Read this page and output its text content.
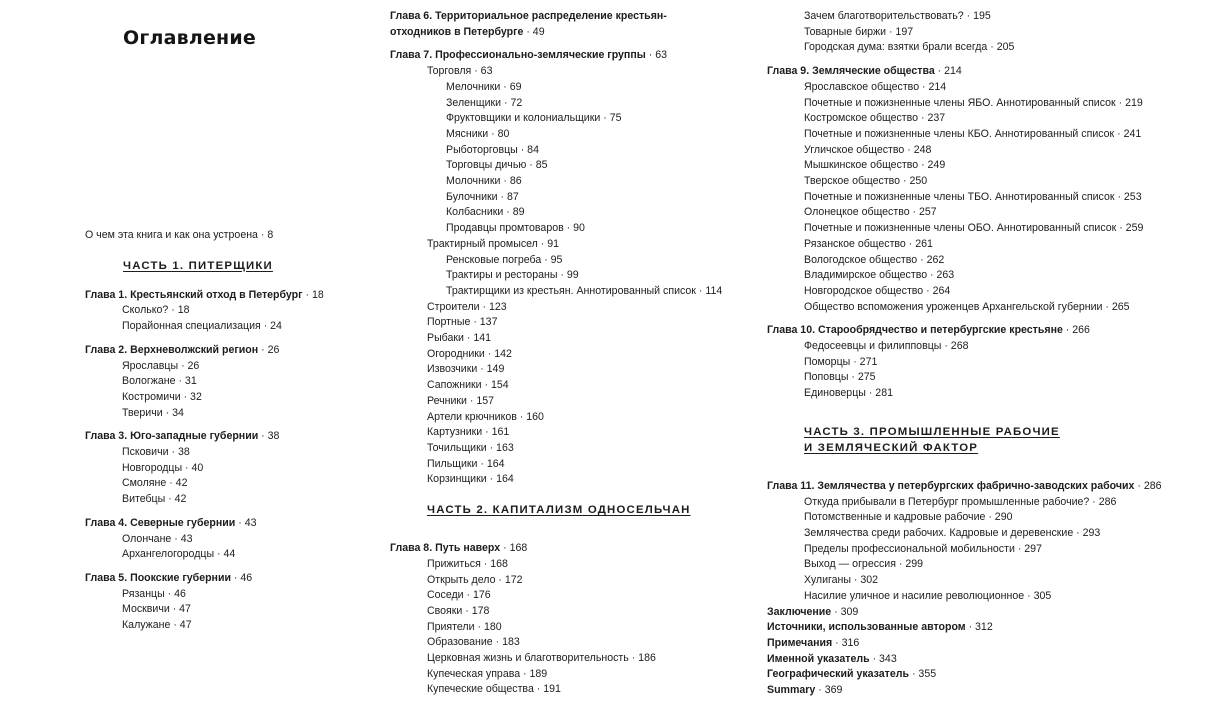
Оглавление
О чем эта книга и как она устроена · 8
ЧАСТЬ 1. ПИТЕРЩИКИ
Глава 1. Крестьянский отход в Петербург · 18
Сколько? · 18
Порайонная специализация · 24
Глава 2. Верхневолжский регион · 26
Ярославцы · 26
Вологжане · 31
Костромичи · 32
Тверичи · 34
Глава 3. Юго-западные губернии · 38
Псковичи · 38
Новгородцы · 40
Смоляне · 42
Витебцы · 42
Глава 4. Северные губернии · 43
Олончане · 43
Архангелогородцы · 44
Глава 5. Поокские губернии · 46
Рязанцы · 46
Москвичи · 47
Калужане · 47
Глава 6. Территориальное распределение крестьян-
отходников в Петербурге · 49
Глава 7. Профессионально-земляческие группы · 63
Торговля · 63
Мелочники · 69
Зеленщики · 72
Фруктовщики и колониальщики · 75
Мясники · 80
Рыботорговцы · 84
Торговцы дичью · 85
Молочники · 86
Булочники · 87
Колбасники · 89
Продавцы промтоваров · 90
Трактирный промысел · 91
Ренсковые погреба · 95
Трактиры и рестораны · 99
Трактирщики из крестьян. Аннотированный список · 114
Строители · 123
Портные · 137
Рыбаки · 141
Огородники · 142
Извозчики · 149
Сапожники · 154
Речники · 157
Артели крючников · 160
Картузники · 161
Точильщики · 163
Пильщики · 164
Корзинщики · 164
ЧАСТЬ 2. КАПИТАЛИЗМ ОДНОСЕЛЬЧАН
Глава 8. Путь наверх · 168
Прижиться · 168
Открыть дело · 172
Соседи · 176
Свояки · 178
Приятели · 180
Образование · 183
Церковная жизнь и благотворительность · 186
Купеческая управа · 189
Купеческие общества · 191
Зачем благотворительствовать? · 195
Товарные биржи · 197
Городская дума: взятки брали всегда · 205
Глава 9. Земляческие общества · 214
Ярославское общество · 214
Почетные и пожизненные члены ЯБО. Аннотированный список · 219
Костромское общество · 237
Почетные и пожизненные члены КБО. Аннотированный список · 241
Угличское общество · 248
Мышкинское общество · 249
Тверское общество · 250
Почетные и пожизненные члены ТБО. Аннотированный список · 253
Олонецкое общество · 257
Почетные и пожизненные члены ОБО. Аннотированный список · 259
Рязанское общество · 261
Вологодское общество · 262
Владимирское общество · 263
Новгородское общество · 264
Общество вспоможения уроженцев Архангельской губернии · 265
Глава 10. Старообрядчество и петербургские крестьяне · 266
Федосеевцы и филипповцы · 268
Поморцы · 271
Поповцы · 275
Единоверцы · 281
ЧАСТЬ 3. ПРОМЫШЛЕННЫЕ РАБОЧИЕ
И ЗЕМЛЯЧЕСКИЙ ФАКТОР
Глава 11. Землячества у петербургских фабрично-заводских рабочих · 286
Откуда прибывали в Петербург промышленные рабочие? · 286
Потомственные и кадровые рабочие · 290
Землячества среди рабочих. Кадровые и деревенские · 293
Пределы профессиональной мобильности · 297
Выход — огрессия · 299
Хулиганы · 302
Насилие уличное и насилие революционное · 305
Заключение · 309
Источники, использованные автором · 312
Примечания · 316
Именной указатель · 343
Географический указатель · 355
Summary · 369
